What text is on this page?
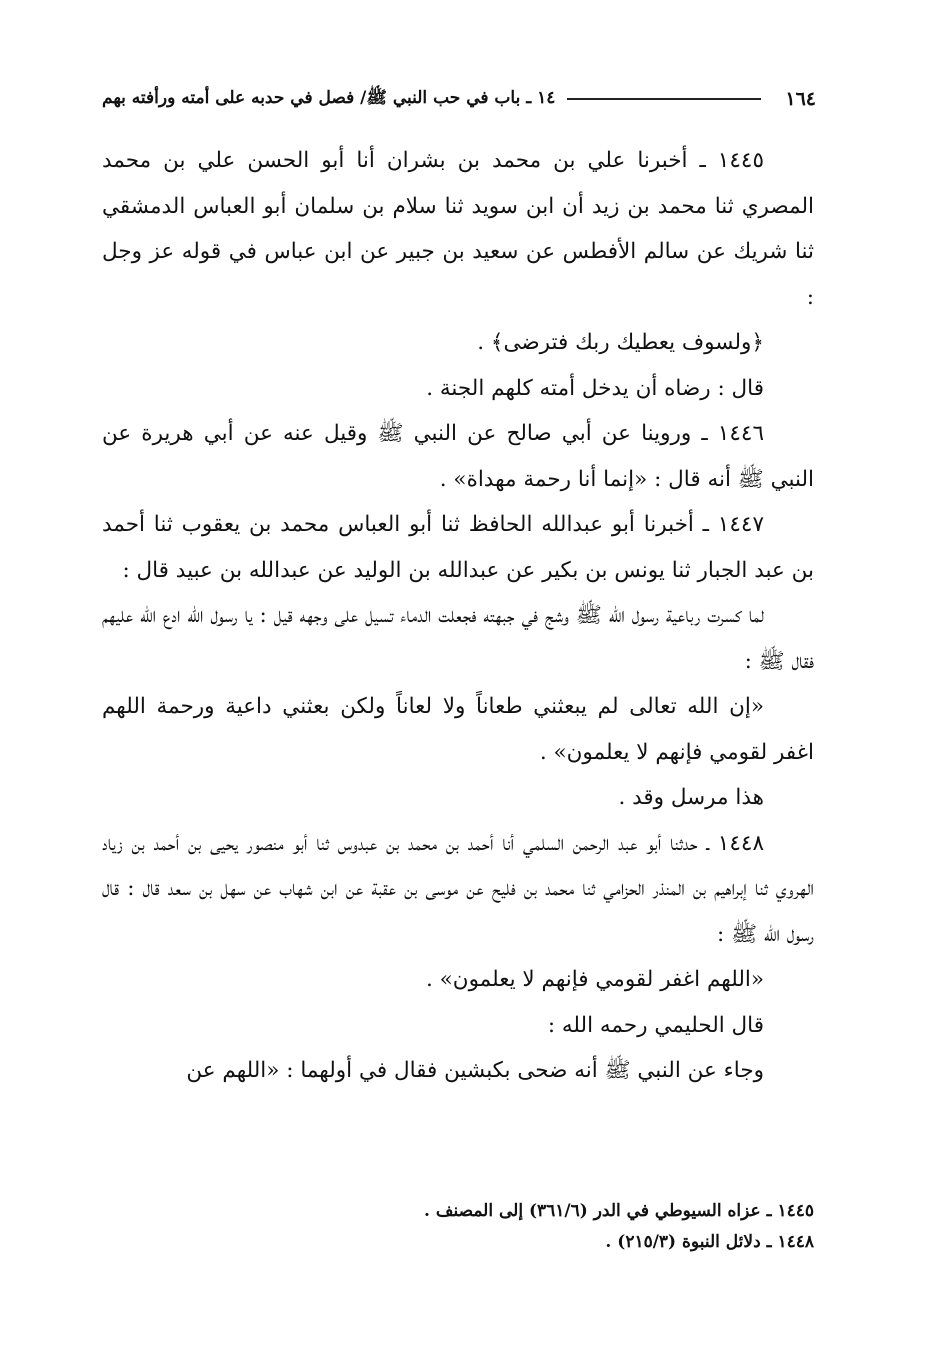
١٦٤
١٤ ـ باب في حب النبي ﷺ/ فصل في حدبه على أمته ورأفته بهم

١٤٤٥ ـ أخبرنا علي بن محمد بن بشران أنا أبو الحسن علي بن محمد المصري ثنا محمد بن زيد أن ابن سويد ثنا سلام بن سلمان أبو العباس الدمشقي ثنا شريك عن سالم الأفطس عن سعيد بن جبير عن ابن عباس في قوله عز وجل :

﴿ولسوف يعطيك ربك فترضى﴾ .

قال : رضاه أن يدخل أمته كلهم الجنة .

١٤٤٦ ـ وروينا عن أبي صالح عن النبي ﷺ وقيل عنه عن أبي هريرة عن النبي ﷺ أنه قال : «إنما أنا رحمة مهداة» .

١٤٤٧ ـ أخبرنا أبو عبدالله الحافظ ثنا أبو العباس محمد بن يعقوب ثنا أحمد بن عبد الجبار ثنا يونس بن بكير عن عبدالله بن الوليد عن عبدالله بن عبيد قال :

لما كسرت رباعية رسول الله ﷺ وشج في جبهته فجعلت الدماء تسيل على وجهه قيل : يا رسول الله ادع الله عليهم فقال ﷺ :

«إن الله تعالى لم يبعثني طعاناً ولا لعاناً ولكن بعثني داعية ورحمة اللهم اغفر لقومي فإنهم لا يعلمون» .

هذا مرسل وقد .

١٤٤٨ ـ حدثنا أبو عبد الرحمن السلمي أنا أحمد بن محمد بن عبدوس ثنا أبو منصور يحيى بن أحمد بن زياد الهروي ثنا إبراهيم بن المنذر الحزامي ثنا محمد بن فليح عن موسى بن عقبة عن ابن شهاب عن سهل بن سعد قال : قال رسول الله ﷺ :

«اللهم اغفر لقومي فإنهم لا يعلمون» .

قال الحليمي رحمه الله :

وجاء عن النبي ﷺ أنه ضحى بكبشين فقال في أولهما : «اللهم عن

١٤٤٥ ـ عزاه السيوطي في الدر (٣٦١/٦) إلى المصنف .

١٤٤٨ ـ دلائل النبوة (٢١٥/٣) .
